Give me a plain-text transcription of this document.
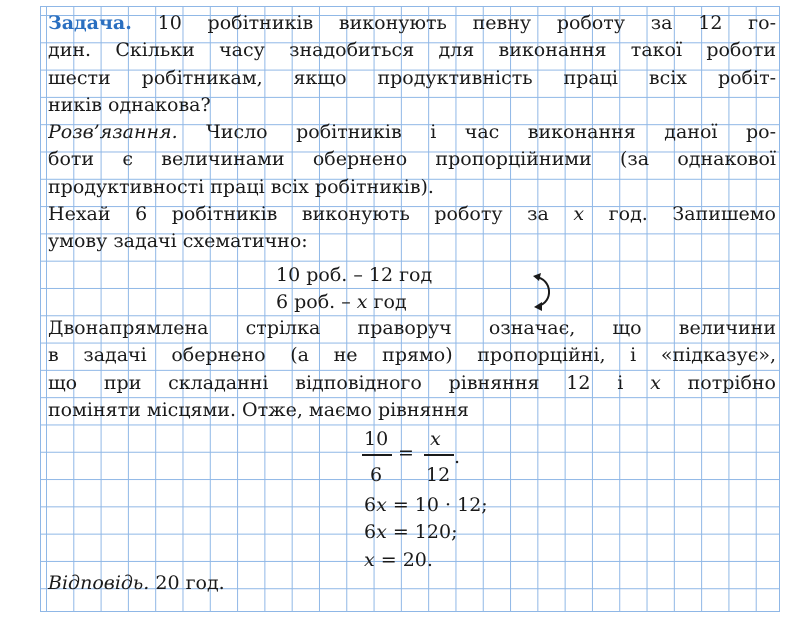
Задача. 10 робітників виконують певну роботу за 12 го-
дин. Скільки часу знадобиться для виконання такої роботи
шести робітникам, якщо продуктивність праці всіх робіт-
ників однакова?
Розв’язання. Число робітників і час виконання даної ро-
боти є величинами обернено пропорційними (за однакової
продуктивності праці всіх робітників).
Нехай 6 робітників виконують роботу за x год. Запишемо
умову задачі схематично:
10 роб. – 12 год
6 роб. – x год
Двонапрямлена стрілка праворуч означає, що величини
в задачі обернено (а не прямо) пропорційні, і «підказує»,
що при складанні відповідного рівняння 12 і x потрібно
поміняти місцями. Отже, маємо рівняння
10
6
=
x
12
.
6x = 10 · 12;
6x = 120;
x = 20.
Відповідь. 20 год.
